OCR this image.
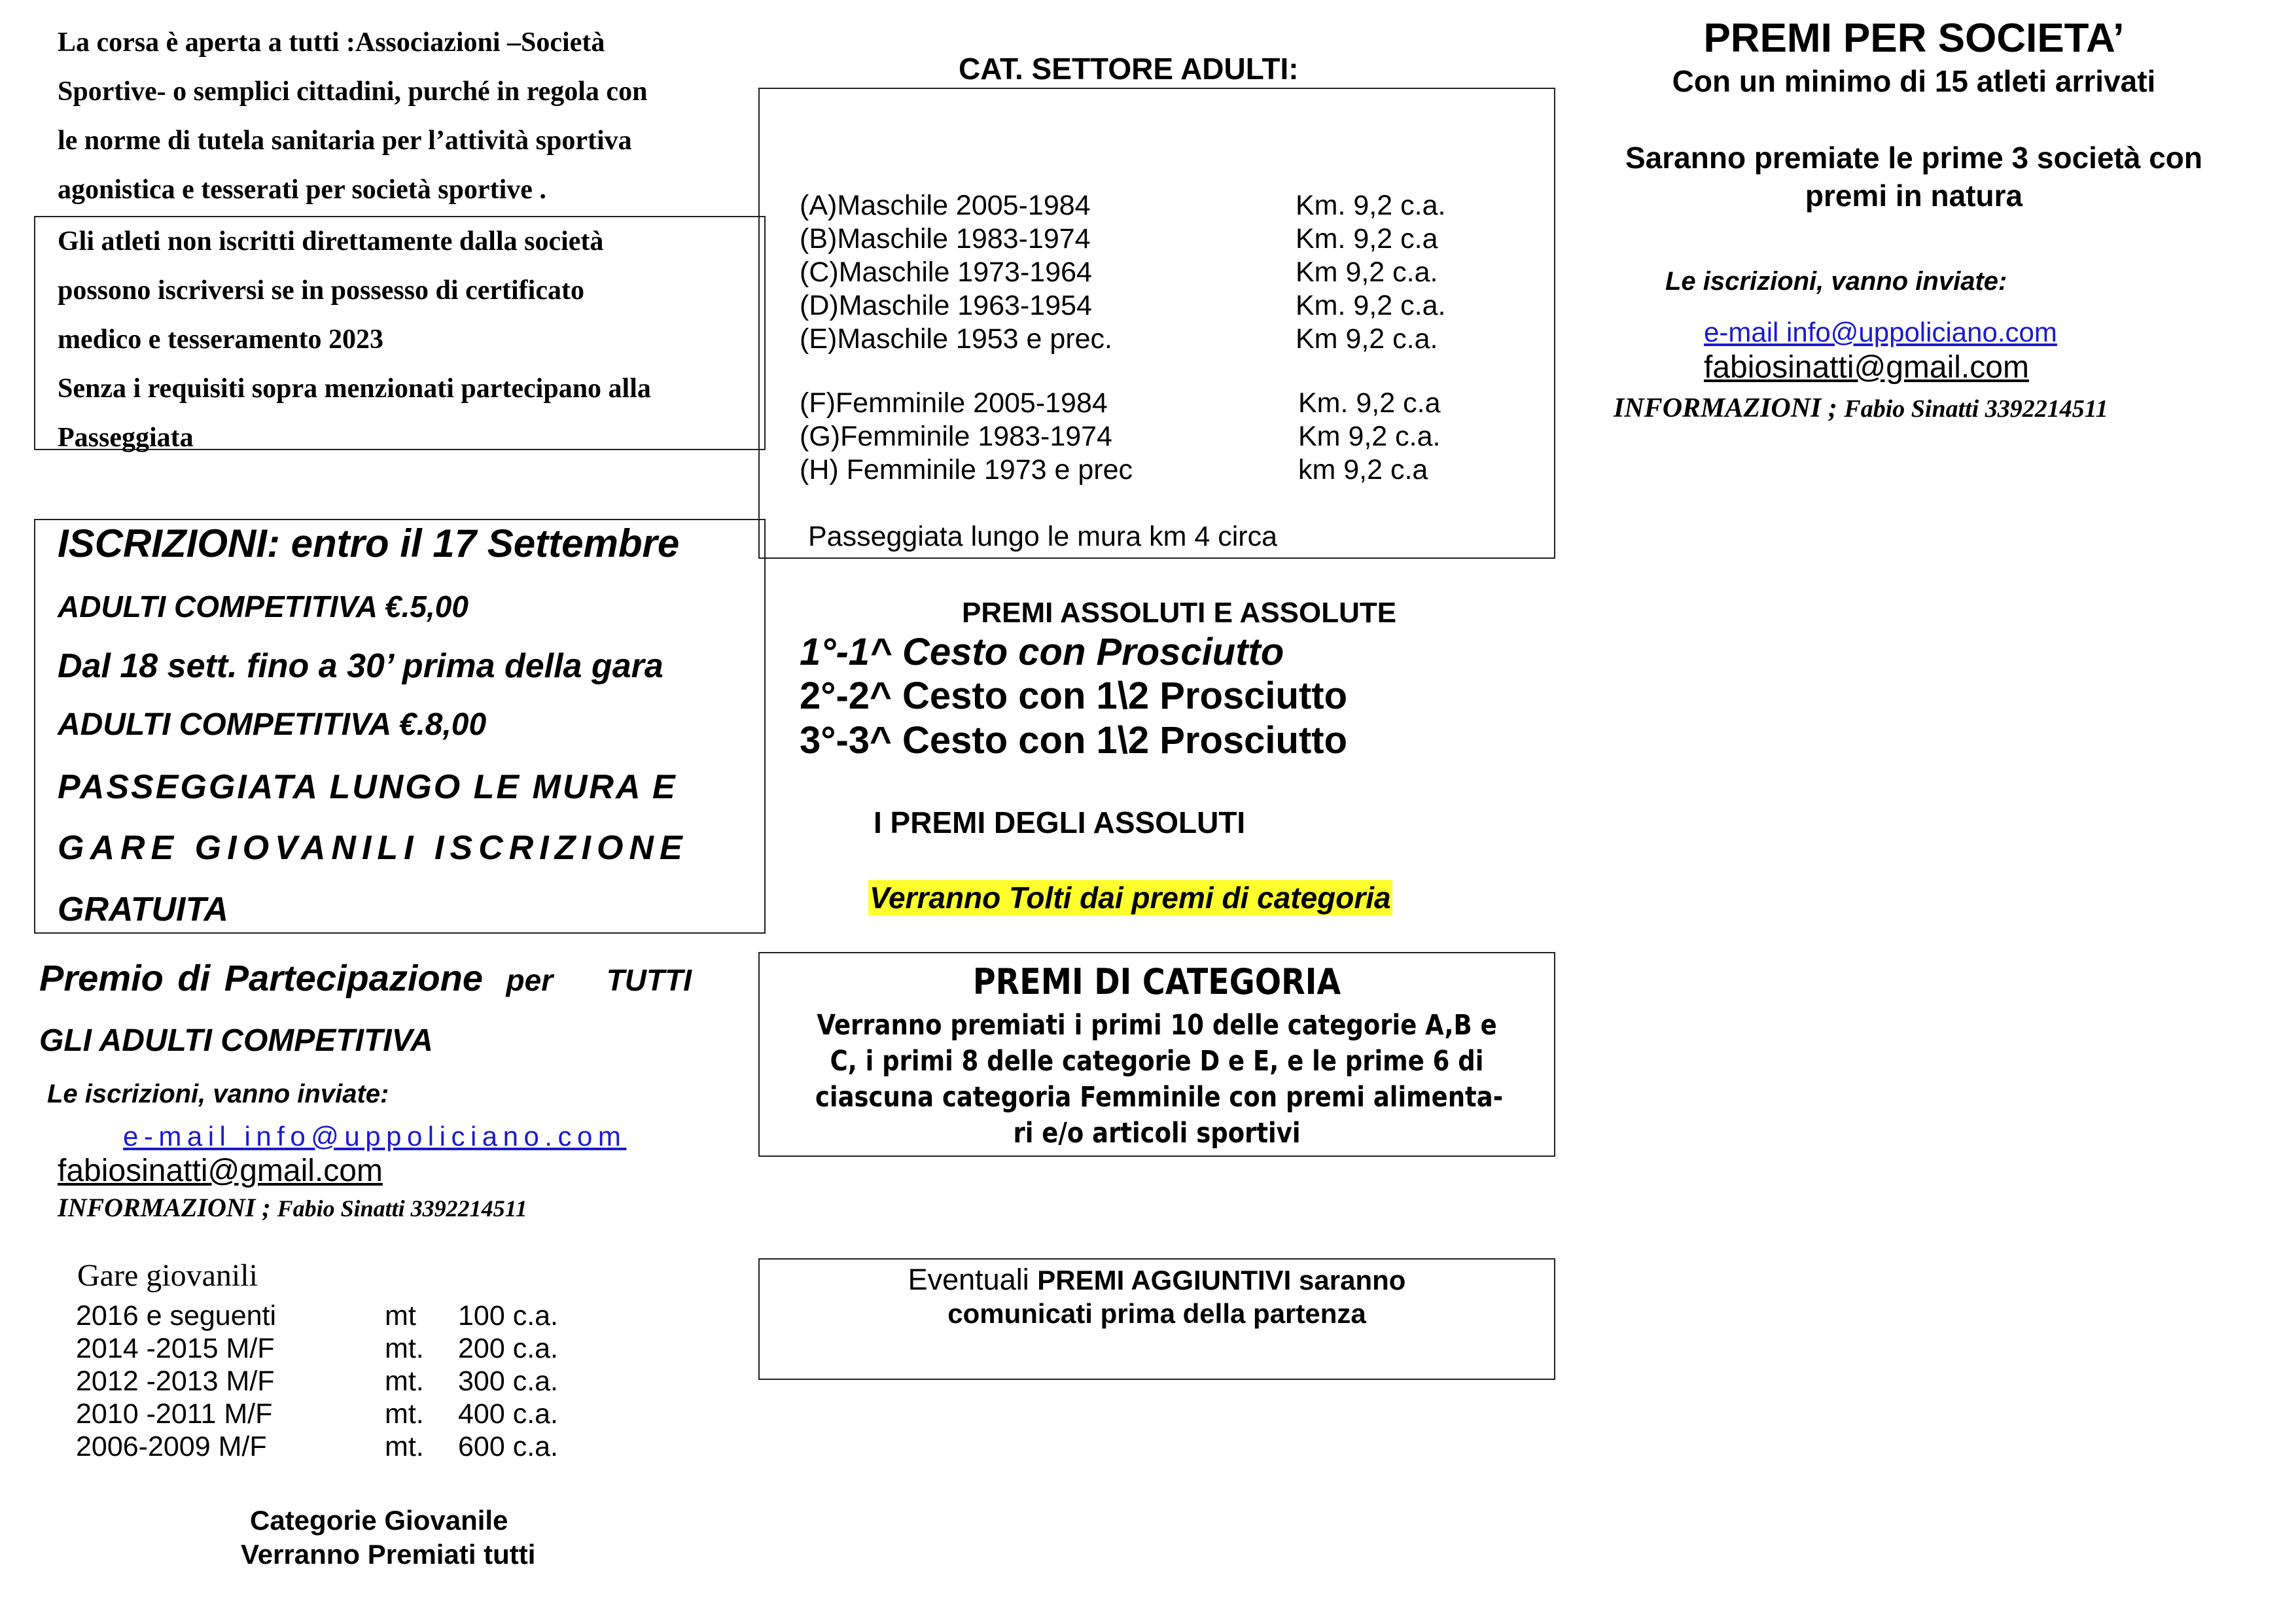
La corsa è aperta a tutti :Associazioni –Società

Sportive- o semplici cittadini, purché in regola con
le norme di tutela sanitaria per l’attività sportiva
agonistica e tesserati per società sportive .
Gli atleti non iscritti direttamente dalla società
possono iscriversi se in possesso di certificato
medico e tesseramento 2023
Senza i requisiti sopra menzionati partecipano alla
Passeggiata
ISCRIZIONI: entro il 17 Settembre
ADULTI COMPETITIVA €.5,00
Dal 18 sett. fino a 30’ prima della gara
ADULTI COMPETITIVA €.8,00
PASSEGGIATA LUNGO LE MURA E
GARE GIOVANILI ISCRIZIONE
GRATUITA
Premio di Partecipazione per TUTTI
GLI ADULTI COMPETITIVA
Le iscrizioni, vanno inviate:
e-mail info@uppoliciano.com
fabiosinatti@gmail.com
INFORMAZIONI ; Fabio Sinatti 3392214511
Gare giovanili
2016 e seguenti	mt 100 c.a.
2014 -2015 M/F	mt. 200 c.a.
2012 -2013 M/F	mt. 300 c.a.
2010 -2011 M/F	mt. 400 c.a.
2006-2009 M/F	mt. 600 c.a.
Categorie Giovanile
Verranno Premiati tutti
CAT. SETTORE ADULTI:
(A)Maschile 2005-1984	Km. 9,2 c.a.
(B)Maschile 1983-1974	Km. 9,2 c.a
(C)Maschile 1973-1964	Km 9,2 c.a.
(D)Maschile 1963-1954	Km. 9,2 c.a.
(E)Maschile 1953 e prec.	Km 9,2 c.a.
(F)Femminile 2005-1984	Km. 9,2 c.a
(G)Femminile 1983-1974	Km 9,2 c.a.
(H) Femminile 1973 e prec	km 9,2 c.a
Passeggiata lungo le mura km 4 circa
PREMI ASSOLUTI E ASSOLUTE
1°-1^ Cesto con Prosciutto
2°-2^ Cesto con 1\2 Prosciutto
3°-3^ Cesto con 1\2 Prosciutto
I PREMI DEGLI ASSOLUTI
Verranno Tolti dai premi di categoria
PREMI DI CATEGORIA
Verranno premiati i primi 10 delle categorie A,B e
C, i primi 8 delle categorie D e E, e le prime 6 di
ciascuna categoria Femminile con premi alimenta-
ri e/o articoli sportivi
Eventuali PREMI AGGIUNTIVI saranno
comunicati prima della partenza
PREMI PER SOCIETA’
Con un minimo di 15 atleti arrivati
Saranno premiate le prime 3 società con
premi in natura
Le iscrizioni, vanno inviate:
e-mail info@uppoliciano.com
fabiosinatti@gmail.com
INFORMAZIONI ; Fabio Sinatti 3392214511
